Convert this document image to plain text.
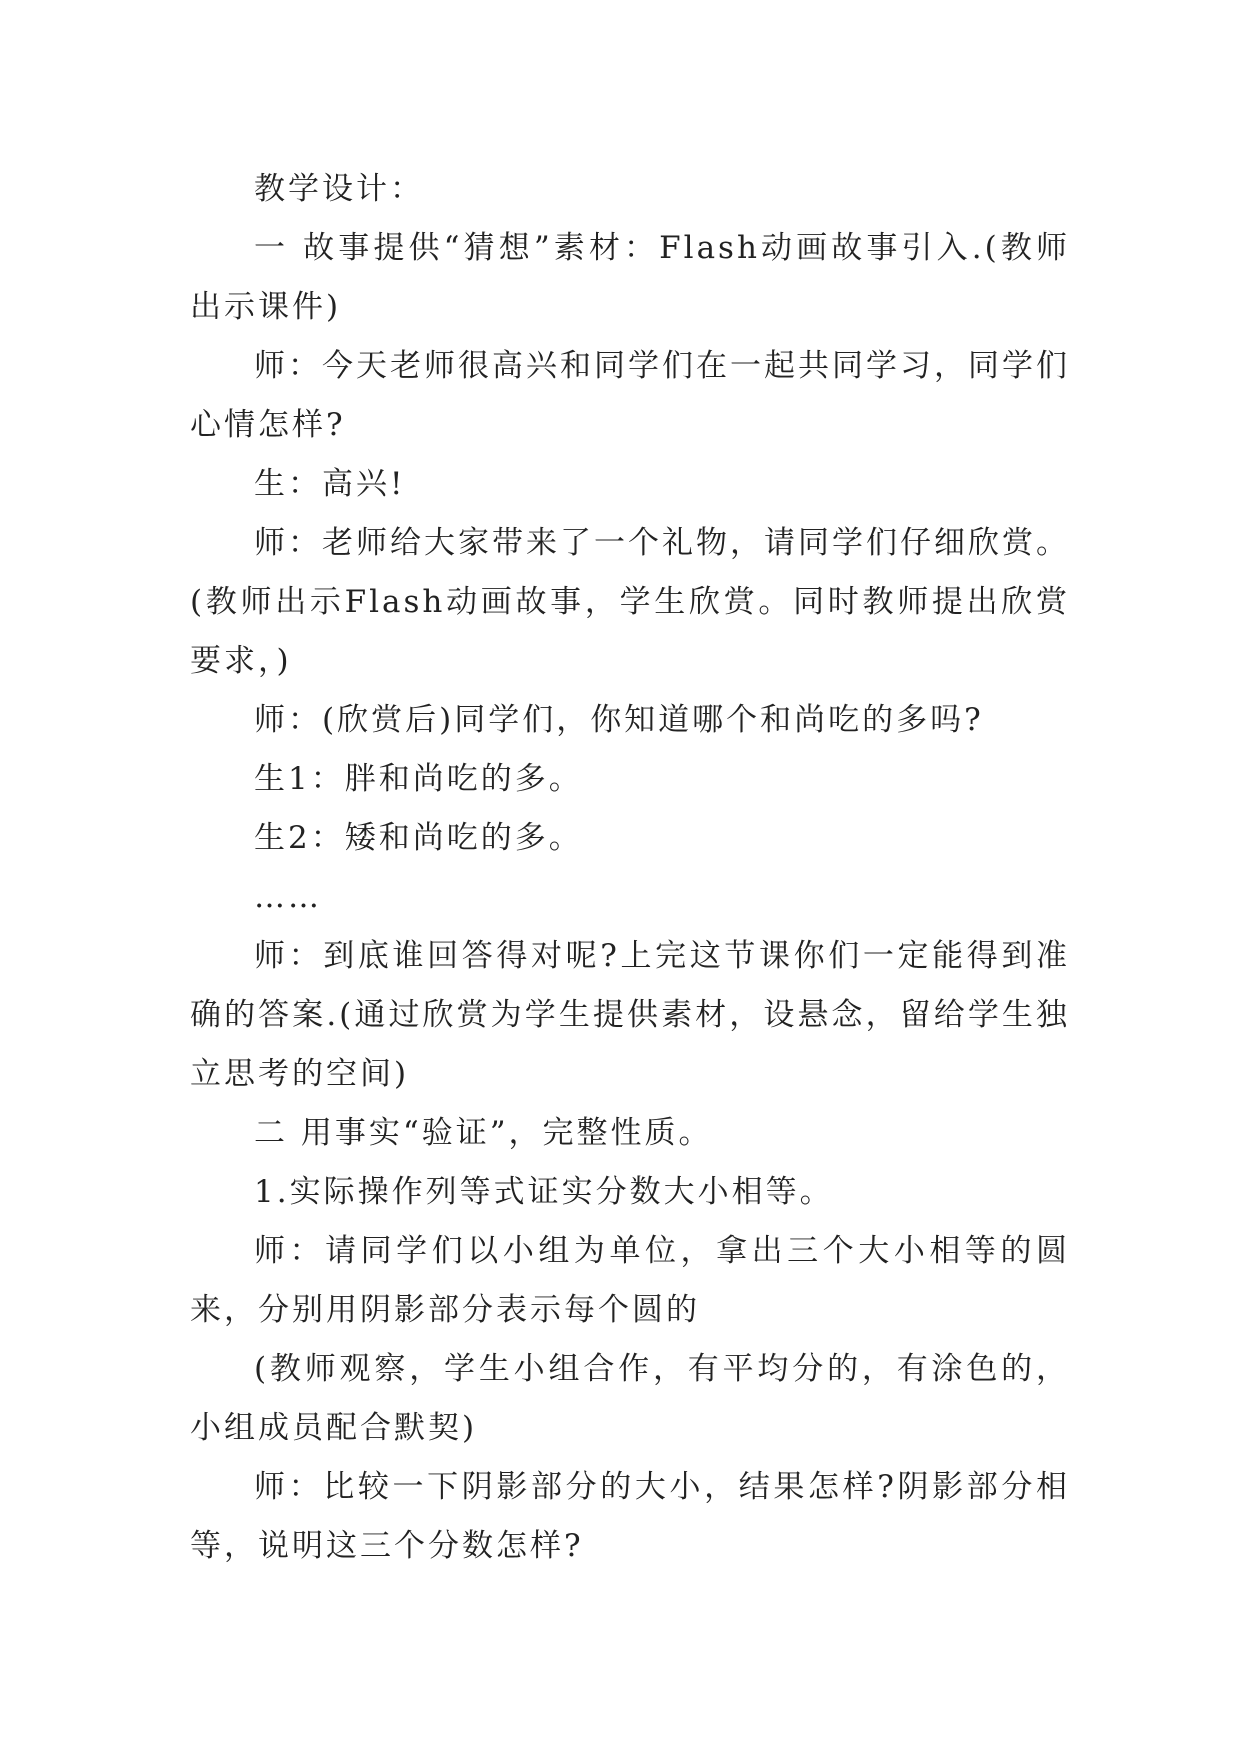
教学设计：

一 故事提供“猜想”素材：Flash动画故事引入.(教师出示课件)

师：今天老师很高兴和同学们在一起共同学习，同学们心情怎样?

生：高兴!

师：老师给大家带来了一个礼物，请同学们仔细欣赏。(教师出示Flash动画故事，学生欣赏。同时教师提出欣赏要求，)

师：(欣赏后)同学们，你知道哪个和尚吃的多吗?

生1：胖和尚吃的多。

生2：矮和尚吃的多。

……

师：到底谁回答得对呢?上完这节课你们一定能得到准确的答案.(通过欣赏为学生提供素材，设悬念，留给学生独立思考的空间)

二 用事实“验证”，完整性质。

1.实际操作列等式证实分数大小相等。

师：请同学们以小组为单位，拿出三个大小相等的圆来，分别用阴影部分表示每个圆的

(教师观察，学生小组合作，有平均分的，有涂色的，小组成员配合默契)

师：比较一下阴影部分的大小，结果怎样?阴影部分相等，说明这三个分数怎样?
